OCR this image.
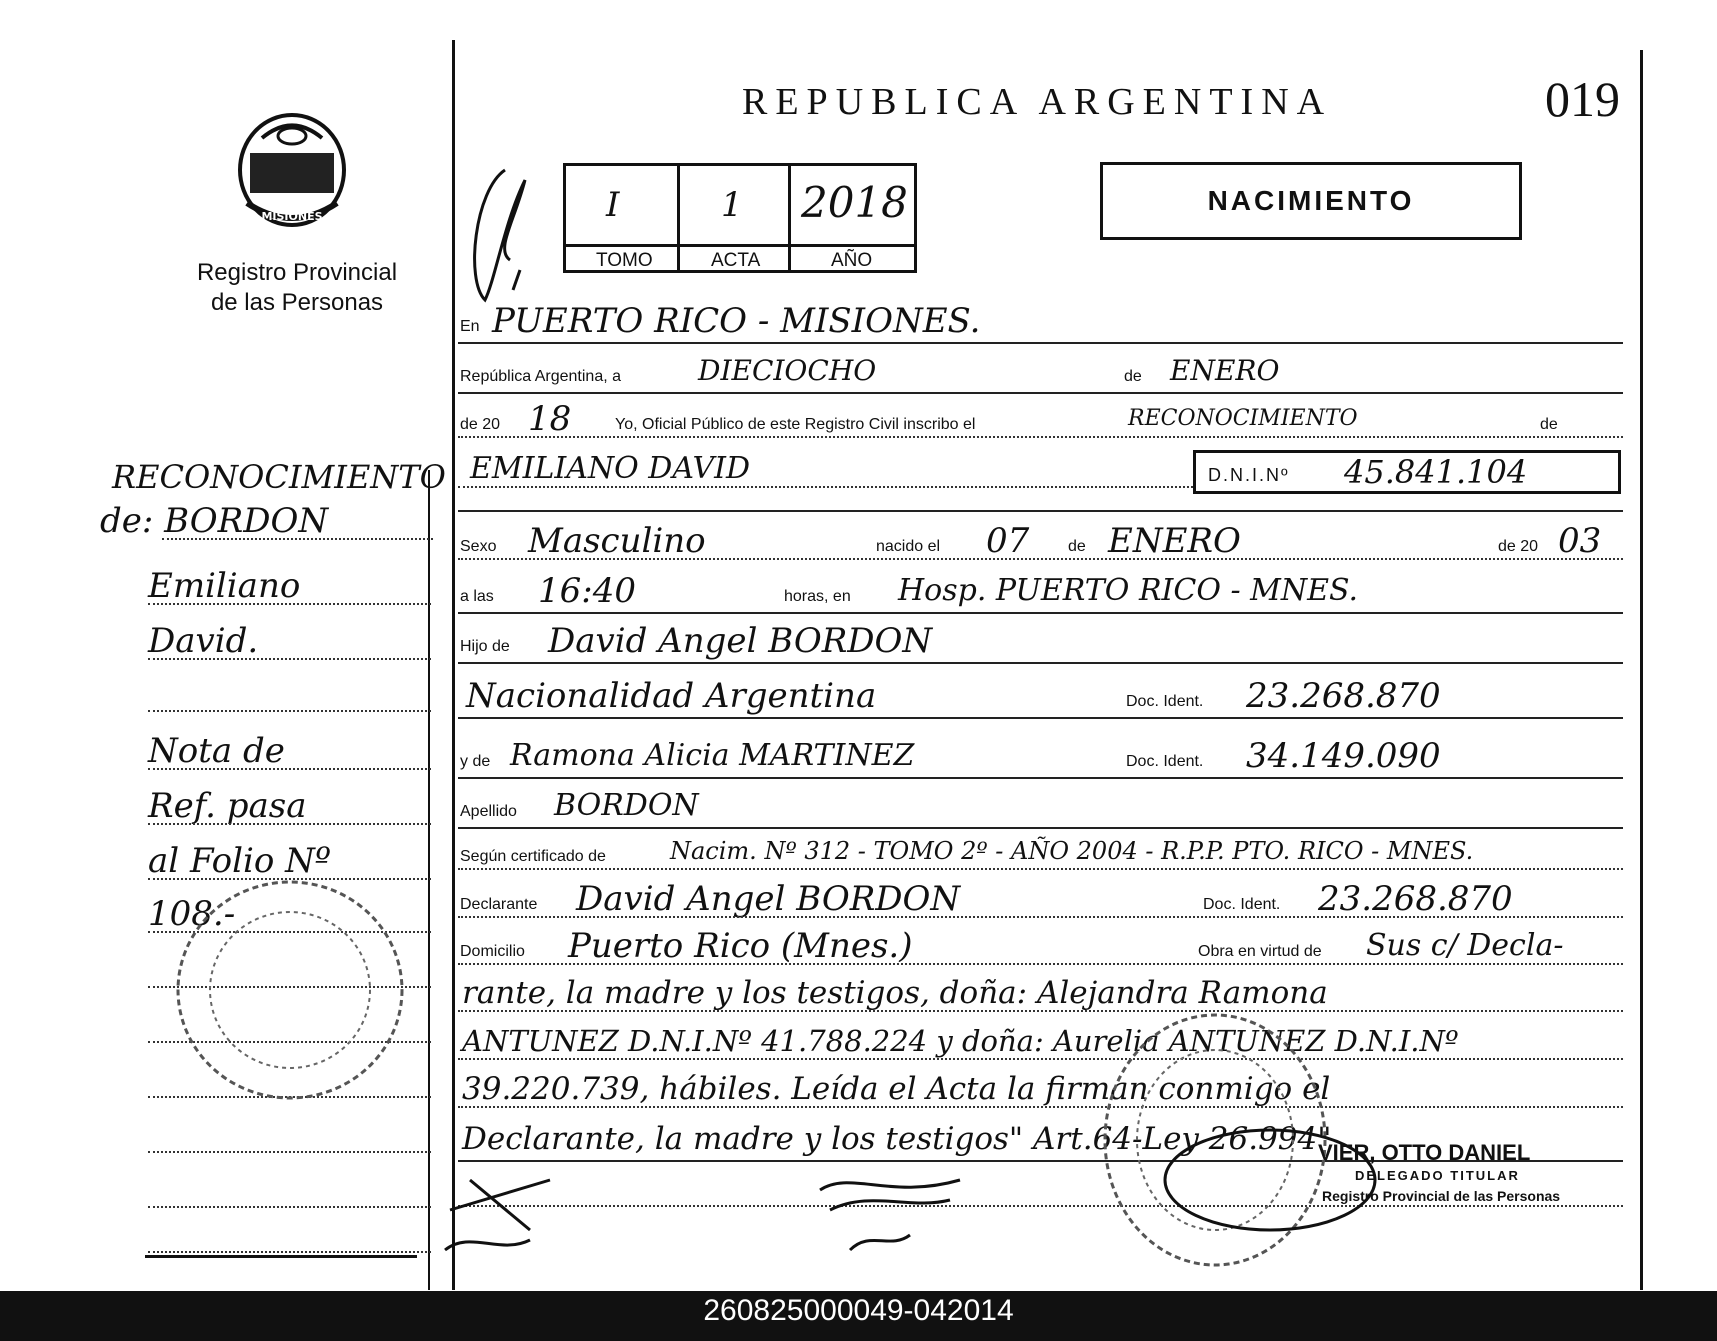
REPUBLICA ARGENTINA	019
MISIONES
Registro Provincial
de las Personas
I	1 2018
TOMO	ACTA	AÑO
NACIMIENTO
RECONOCIMIENTO
de: BORDON
Emiliano
David.
Nota de
Ref. pasa
al Folio Nº
108.-
En PUERTO RICO - MISIONES.
República Argentina, a	DIECIOCHO	de ENERO
de 20 18	Yo, Oficial Público de este Registro Civil inscribo el	RECONOCIMIENTO	de
EMILIANO DAVID	D.N.I.Nº 45.841.104
Sexo Masculino	nacido el 07 de ENERO	de 20 03
a las 16:40	horas, en Hosp. PUERTO RICO - MNES.
Hijo de David Angel BORDON
Nacionalidad Argentina	Doc. Ident. 23.268.870
y de Ramona Alicia MARTINEZ	Doc. Ident. 34.149.090
Apellido BORDON
Según certificado de	Nacim. Nº 312 - TOMO 2º - AÑO 2004 - R.P.P. PTO. RICO - MNES.
Declarante David Angel BORDON	Doc. Ident. 23.268.870
Domicilio Puerto Rico (Mnes.)	Obra en virtud de Sus c/ Decla-
rante, la madre y los testigos, doña: Alejandra Ramona
ANTUNEZ D.N.I.Nº 41.788.224 y doña: Aurelia ANTUNEZ D.N.I.Nº
39.220.739, hábiles. Leída el Acta la firman conmigo el
Declarante, la madre y los testigos" Art.64-Ley 26.994"
VIER, OTTO DANIEL
DELEGADO TITULAR
Registro Provincial de las Personas
260825000049-042014
